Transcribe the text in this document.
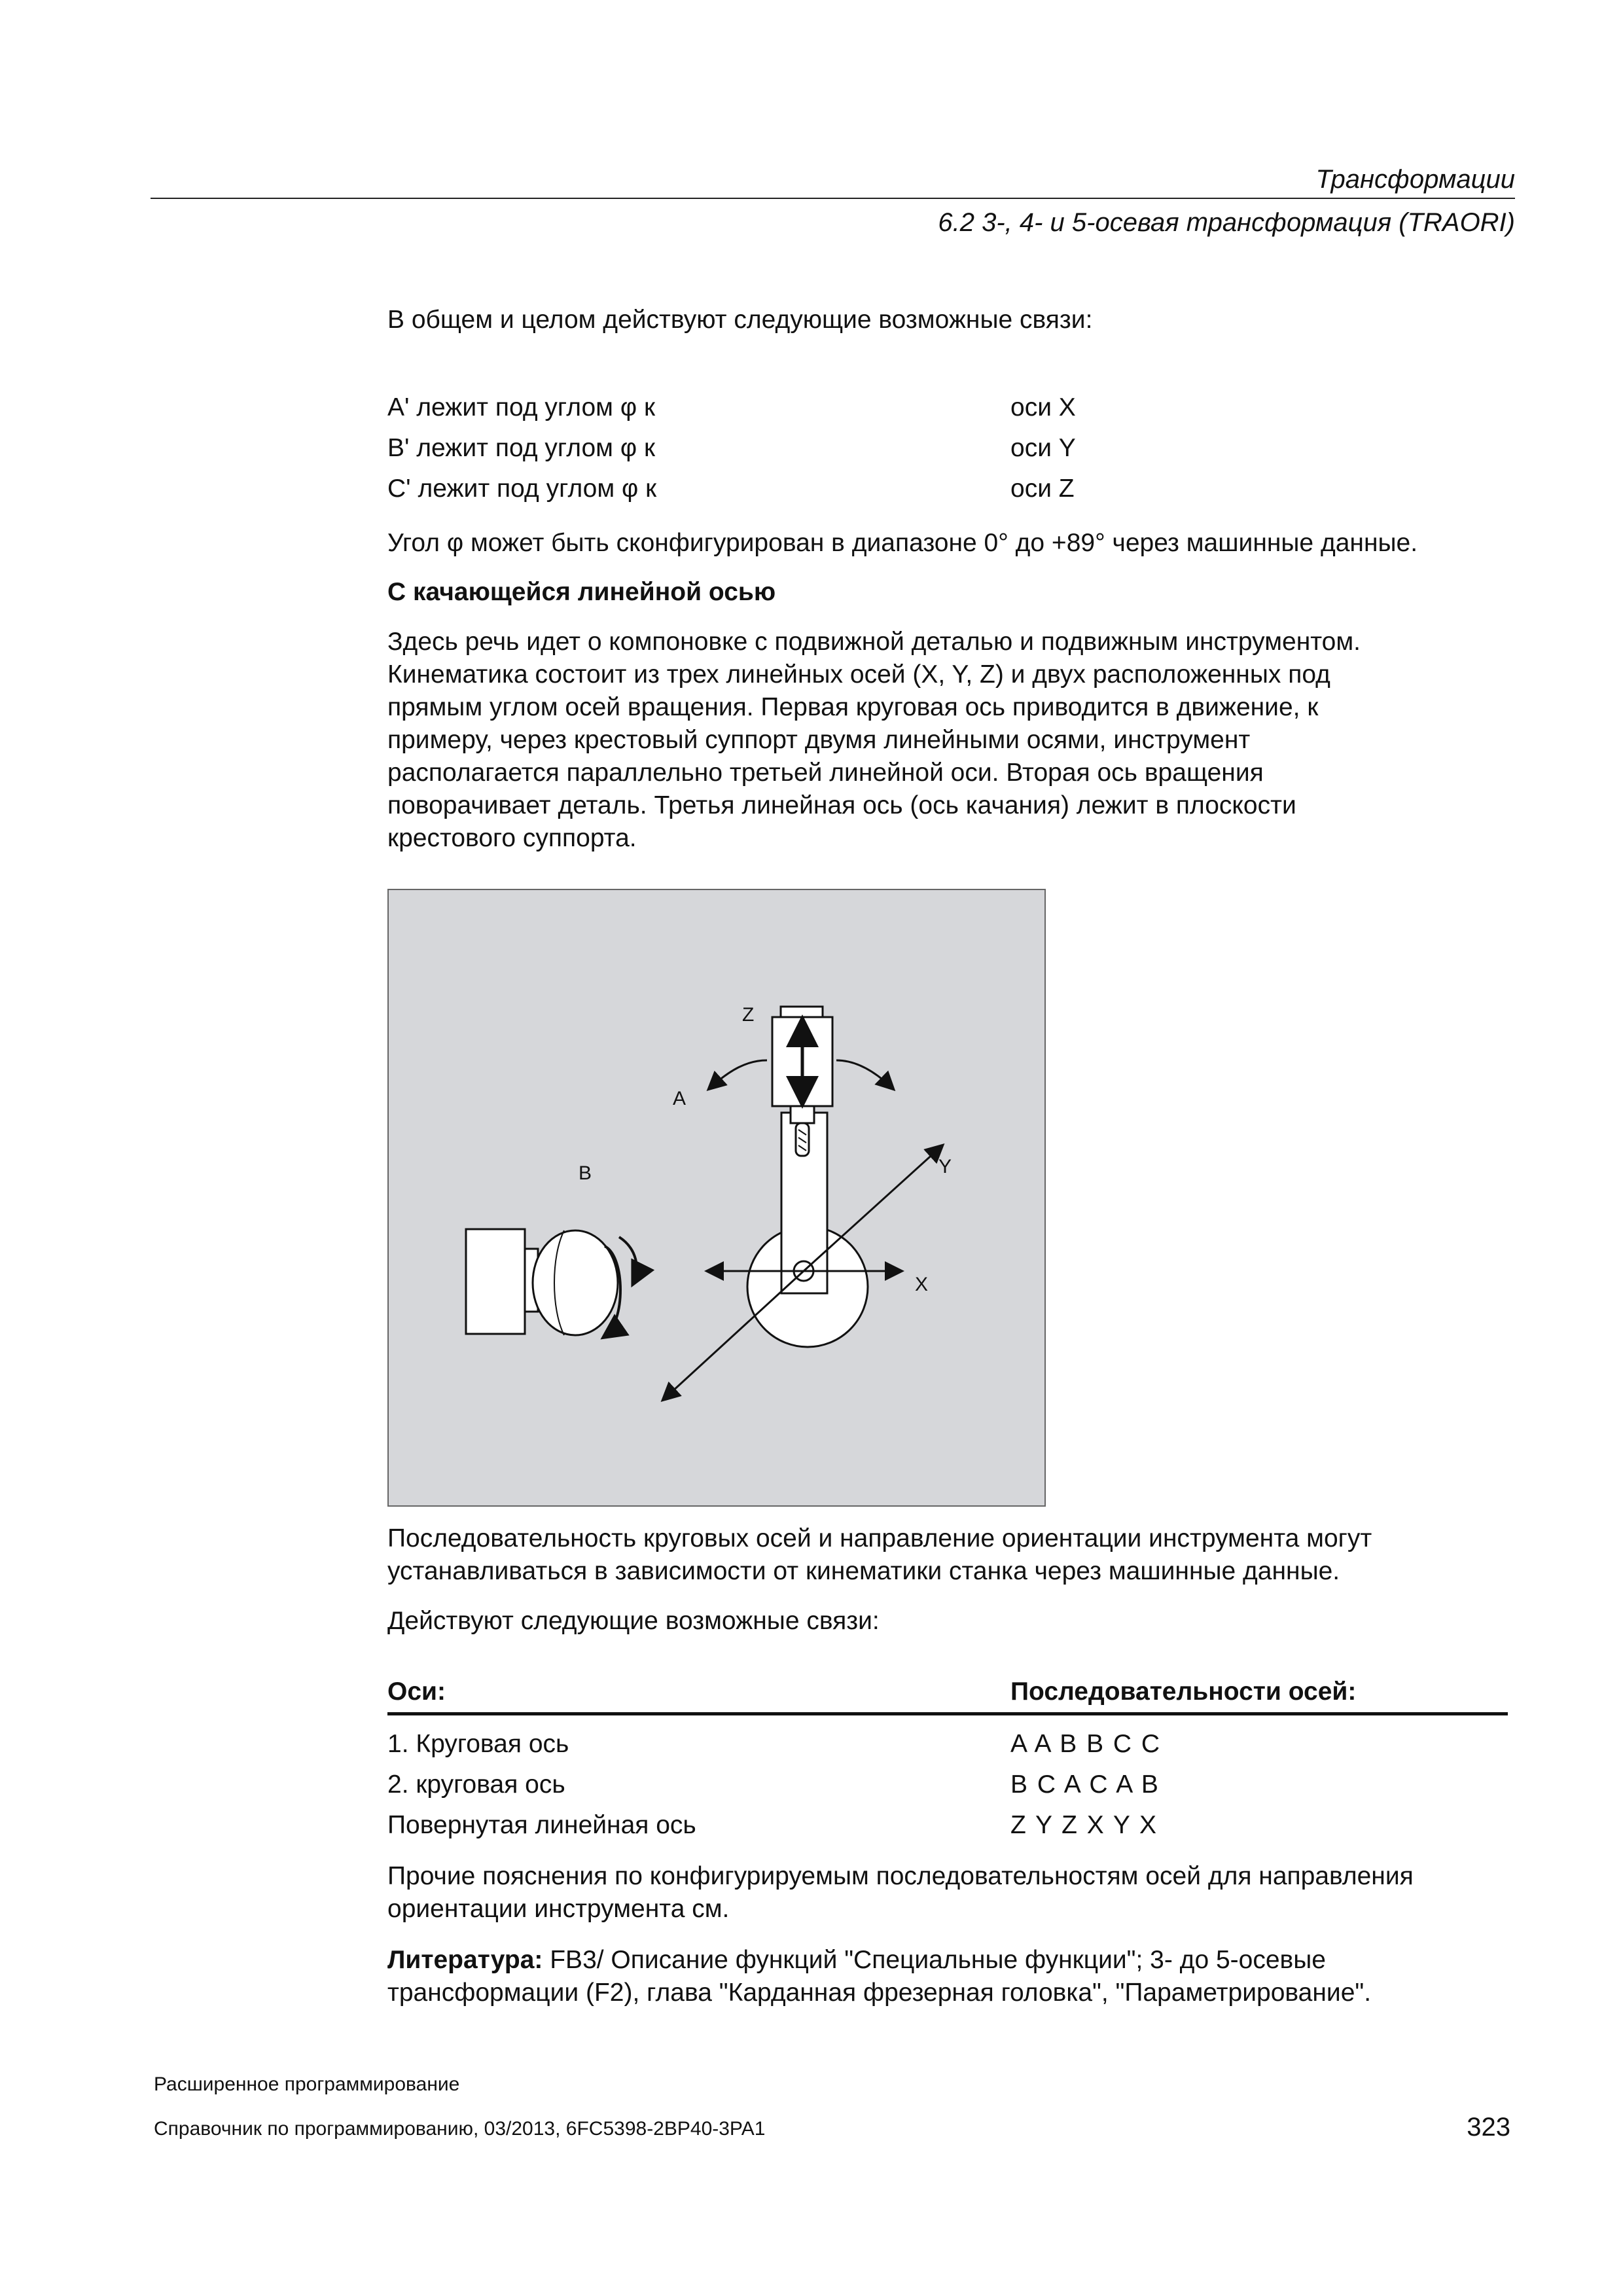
Трансформации
6.2 3-, 4- и 5-осевая трансформация (TRAORI)
В общем и целом действуют следующие возможные связи:
A' лежит под углом φ к	оси X
B' лежит под углом φ к	оси Y
C' лежит под углом φ к	оси Z
Угол φ может быть сконфигурирован в диапазоне 0° до +89° через машинные данные.
С качающейся линейной осью
Здесь речь идет о компоновке с подвижной деталью и подвижным инструментом.
Кинематика состоит из трех линейных осей (X, Y, Z) и двух расположенных под
прямым углом осей вращения. Первая круговая ось приводится в движение, к
примеру, через крестовый суппорт двумя линейными осями, инструмент
располагается параллельно третьей линейной оси. Вторая ось вращения
поворачивает деталь. Третья линейная ось (ось качания) лежит в плоскости
крестового суппорта.
Z
A
B	Y
X
Последовательность круговых осей и направление ориентации инструмента могут
устанавливаться в зависимости от кинематики станка через машинные данные.
Действуют следующие возможные связи:
Оси:	Последовательности осей:
1. Круговая ось	A A B B C C
2. круговая ось	B C A C A B
Повернутая линейная ось	Z Y Z X Y X
Прочие пояснения по конфигурируемым последовательностям осей для направления
ориентации инструмента см.
Литература: FB3/ Описание функций "Специальные функции"; 3- до 5-осевые
трансформации (F2), глава "Карданная фрезерная головка", "Параметрирование".
Расширенное программирование
Справочник по программированию, 03/2013, 6FC5398-2BP40-3PA1	323
